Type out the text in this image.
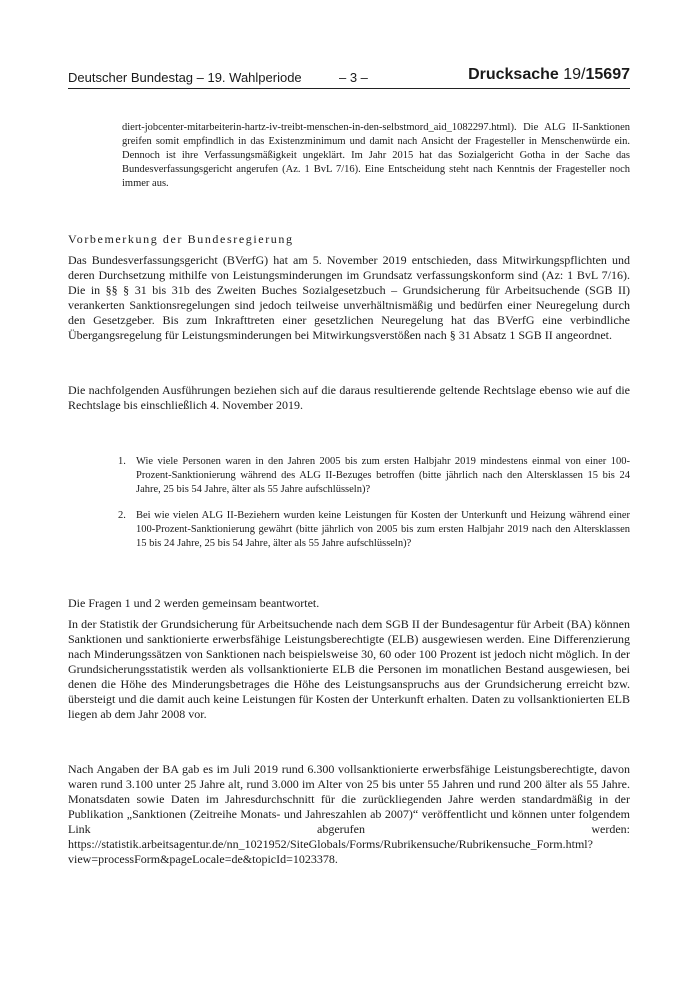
Deutscher Bundestag – 19. Wahlperiode	– 3 –	Drucksache 19/15697

diert-jobcenter-mitarbeiterin-hartz-iv-treibt-menschen-in-den-selbstmord_aid_1082297.html). Die ALG II-Sanktionen greifen somit empfindlich in das Existenzminimum und damit nach Ansicht der Fragesteller in Menschenwürde ein. Dennoch ist ihre Verfassungsmäßigkeit ungeklärt. Im Jahr 2015 hat das Sozialgericht Gotha in der Sache das Bundesverfassungsgericht angerufen (Az. 1 BvL 7/16). Eine Entscheidung steht nach Kenntnis der Fragesteller noch immer aus.

Vorbemerkung der Bundesregierung

Das Bundesverfassungsgericht (BVerfG) hat am 5. November 2019 entschieden, dass Mitwirkungspflichten und deren Durchsetzung mithilfe von Leistungsminderungen im Grundsatz verfassungskonform sind (Az: 1 BvL 7/16). Die in §§ § 31 bis 31b des Zweiten Buches Sozialgesetzbuch – Grundsicherung für Arbeitsuchende (SGB II) verankerten Sanktionsregelungen sind jedoch teilweise unverhältnismäßig und bedürfen einer Neuregelung durch den Gesetzgeber. Bis zum Inkrafttreten einer gesetzlichen Neuregelung hat das BVerfG eine verbindliche Übergangsregelung für Leistungsminderungen bei Mitwirkungsverstößen nach § 31 Absatz 1 SGB II angeordnet.

Die nachfolgenden Ausführungen beziehen sich auf die daraus resultierende geltende Rechtslage ebenso wie auf die Rechtslage bis einschließlich 4. November 2019.

1. Wie viele Personen waren in den Jahren 2005 bis zum ersten Halbjahr 2019 mindestens einmal von einer 100-Prozent-Sanktionierung während des ALG II-Bezuges betroffen (bitte jährlich nach den Altersklassen 15 bis 24 Jahre, 25 bis 54 Jahre, älter als 55 Jahre aufschlüsseln)?
2. Bei wie vielen ALG II-Beziehern wurden keine Leistungen für Kosten der Unterkunft und Heizung während einer 100-Prozent-Sanktionierung gewährt (bitte jährlich von 2005 bis zum ersten Halbjahr 2019 nach den Altersklassen 15 bis 24 Jahre, 25 bis 54 Jahre, älter als 55 Jahre aufschlüsseln)?

Die Fragen 1 und 2 werden gemeinsam beantwortet.

In der Statistik der Grundsicherung für Arbeitsuchende nach dem SGB II der Bundesagentur für Arbeit (BA) können Sanktionen und sanktionierte erwerbsfähige Leistungsberechtigte (ELB) ausgewiesen werden. Eine Differenzierung nach Minderungssätzen von Sanktionen nach beispielsweise 30, 60 oder 100 Prozent ist jedoch nicht möglich. In der Grundsicherungsstatistik werden als vollsanktionierte ELB die Personen im monatlichen Bestand ausgewiesen, bei denen die Höhe des Minderungsbetrages die Höhe des Leistungsanspruchs aus der Grundsicherung erreicht bzw. übersteigt und die damit auch keine Leistungen für Kosten der Unterkunft erhalten. Daten zu vollsanktionierten ELB liegen ab dem Jahr 2008 vor.

Nach Angaben der BA gab es im Juli 2019 rund 6.300 vollsanktionierte erwerbsfähige Leistungsberechtigte, davon waren rund 3.100 unter 25 Jahre alt, rund 3.000 im Alter von 25 bis unter 55 Jahren und rund 200 älter als 55 Jahre. Monatsdaten sowie Daten im Jahresdurchschnitt für die zurückliegenden Jahre werden standardmäßig in der Publikation „Sanktionen (Zeitreihe Monats- und Jahreszahlen ab 2007)“ veröffentlicht und können unter folgendem Link abgerufen werden: https://statistik.arbeitsagentur.de/nn_1021952/SiteGlobals/Forms/Rubrikensuche/Rubrikensuche_Form.html?view=processForm&pageLocale=de&topicId=1023378.
